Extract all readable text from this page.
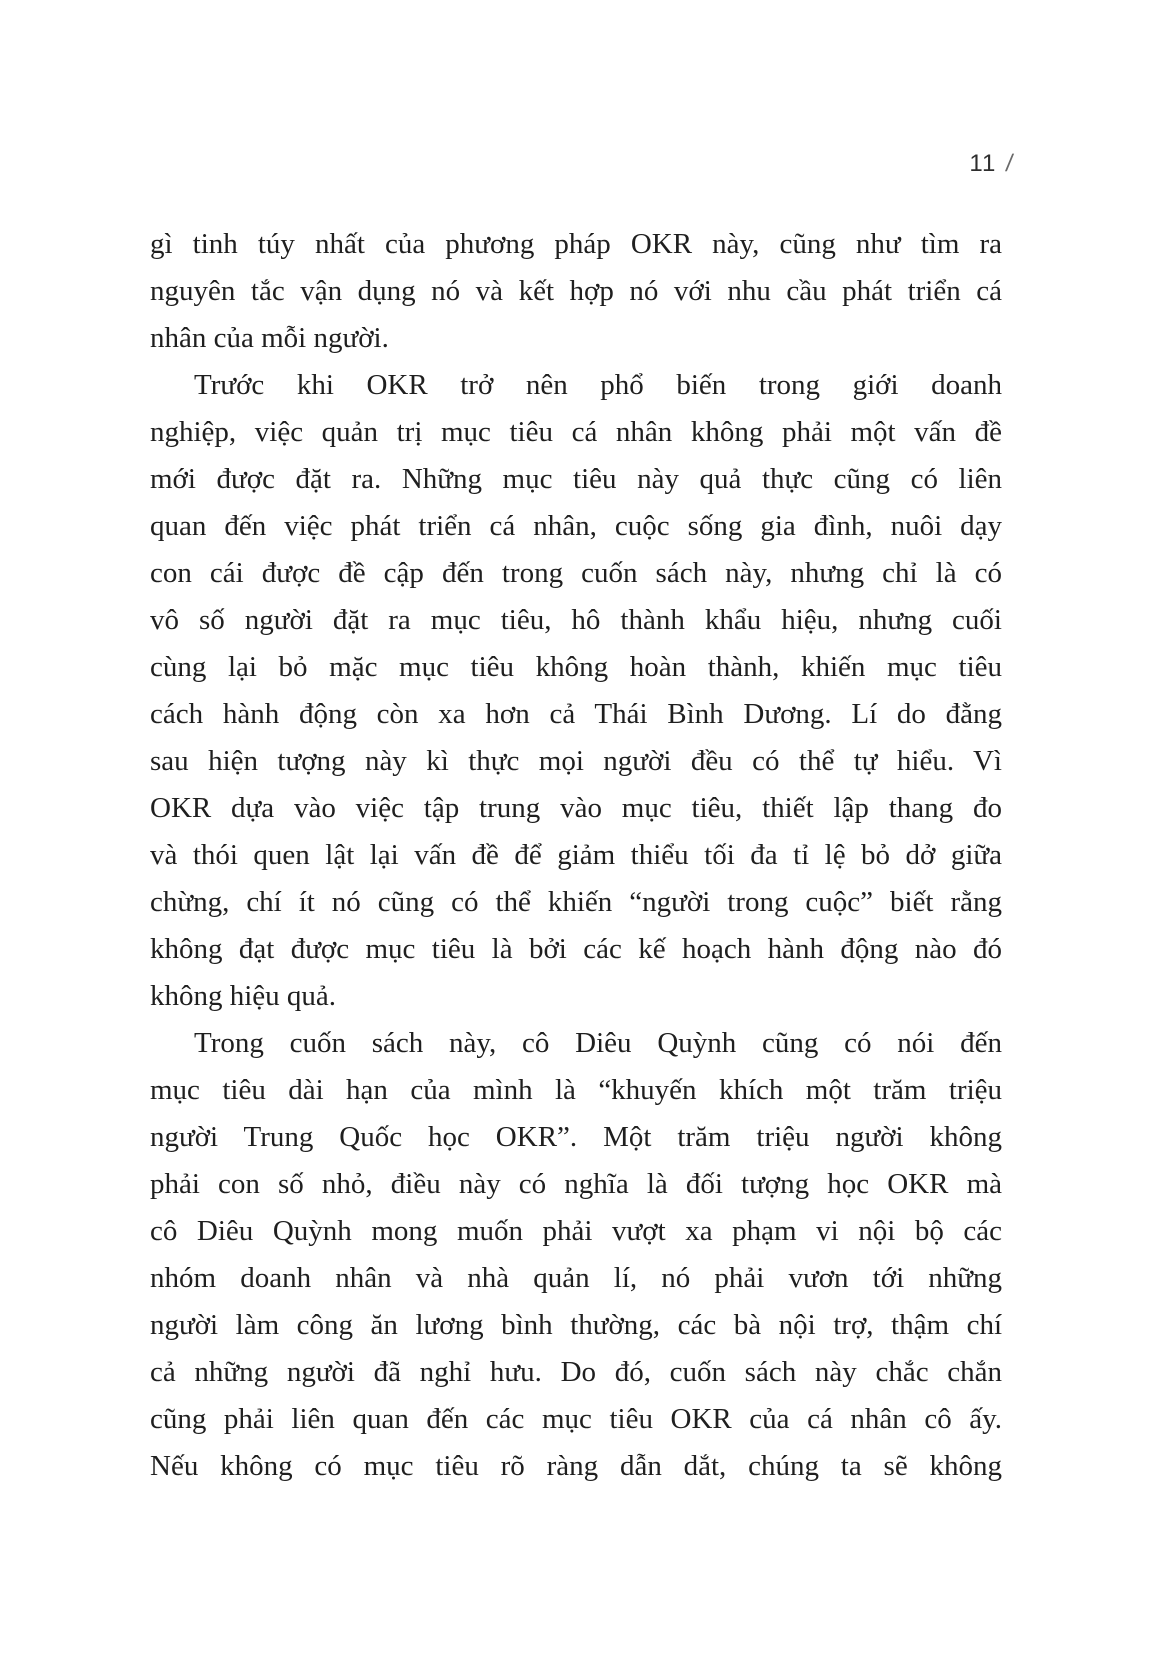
11 /
gì tinh túy nhất của phương pháp OKR này, cũng như tìm ra
nguyên tắc vận dụng nó và kết hợp nó với nhu cầu phát triển cá
nhân của mỗi người.
Trước khi OKR trở nên phổ biến trong giới doanh
nghiệp, việc quản trị mục tiêu cá nhân không phải một vấn đề
mới được đặt ra. Những mục tiêu này quả thực cũng có liên
quan đến việc phát triển cá nhân, cuộc sống gia đình, nuôi dạy
con cái được đề cập đến trong cuốn sách này, nhưng chỉ là có
vô số người đặt ra mục tiêu, hô thành khẩu hiệu, nhưng cuối
cùng lại bỏ mặc mục tiêu không hoàn thành, khiến mục tiêu
cách hành động còn xa hơn cả Thái Bình Dương. Lí do đằng
sau hiện tượng này kì thực mọi người đều có thể tự hiểu. Vì
OKR dựa vào việc tập trung vào mục tiêu, thiết lập thang đo
và thói quen lật lại vấn đề để giảm thiểu tối đa tỉ lệ bỏ dở giữa
chừng, chí ít nó cũng có thể khiến “người trong cuộc” biết rằng
không đạt được mục tiêu là bởi các kế hoạch hành động nào đó
không hiệu quả.
Trong cuốn sách này, cô Diêu Quỳnh cũng có nói đến
mục tiêu dài hạn của mình là “khuyến khích một trăm triệu
người Trung Quốc học OKR”. Một trăm triệu người không
phải con số nhỏ, điều này có nghĩa là đối tượng học OKR mà
cô Diêu Quỳnh mong muốn phải vượt xa phạm vi nội bộ các
nhóm doanh nhân và nhà quản lí, nó phải vươn tới những
người làm công ăn lương bình thường, các bà nội trợ, thậm chí
cả những người đã nghỉ hưu. Do đó, cuốn sách này chắc chắn
cũng phải liên quan đến các mục tiêu OKR của cá nhân cô ấy.
Nếu không có mục tiêu rõ ràng dẫn dắt, chúng ta sẽ không
